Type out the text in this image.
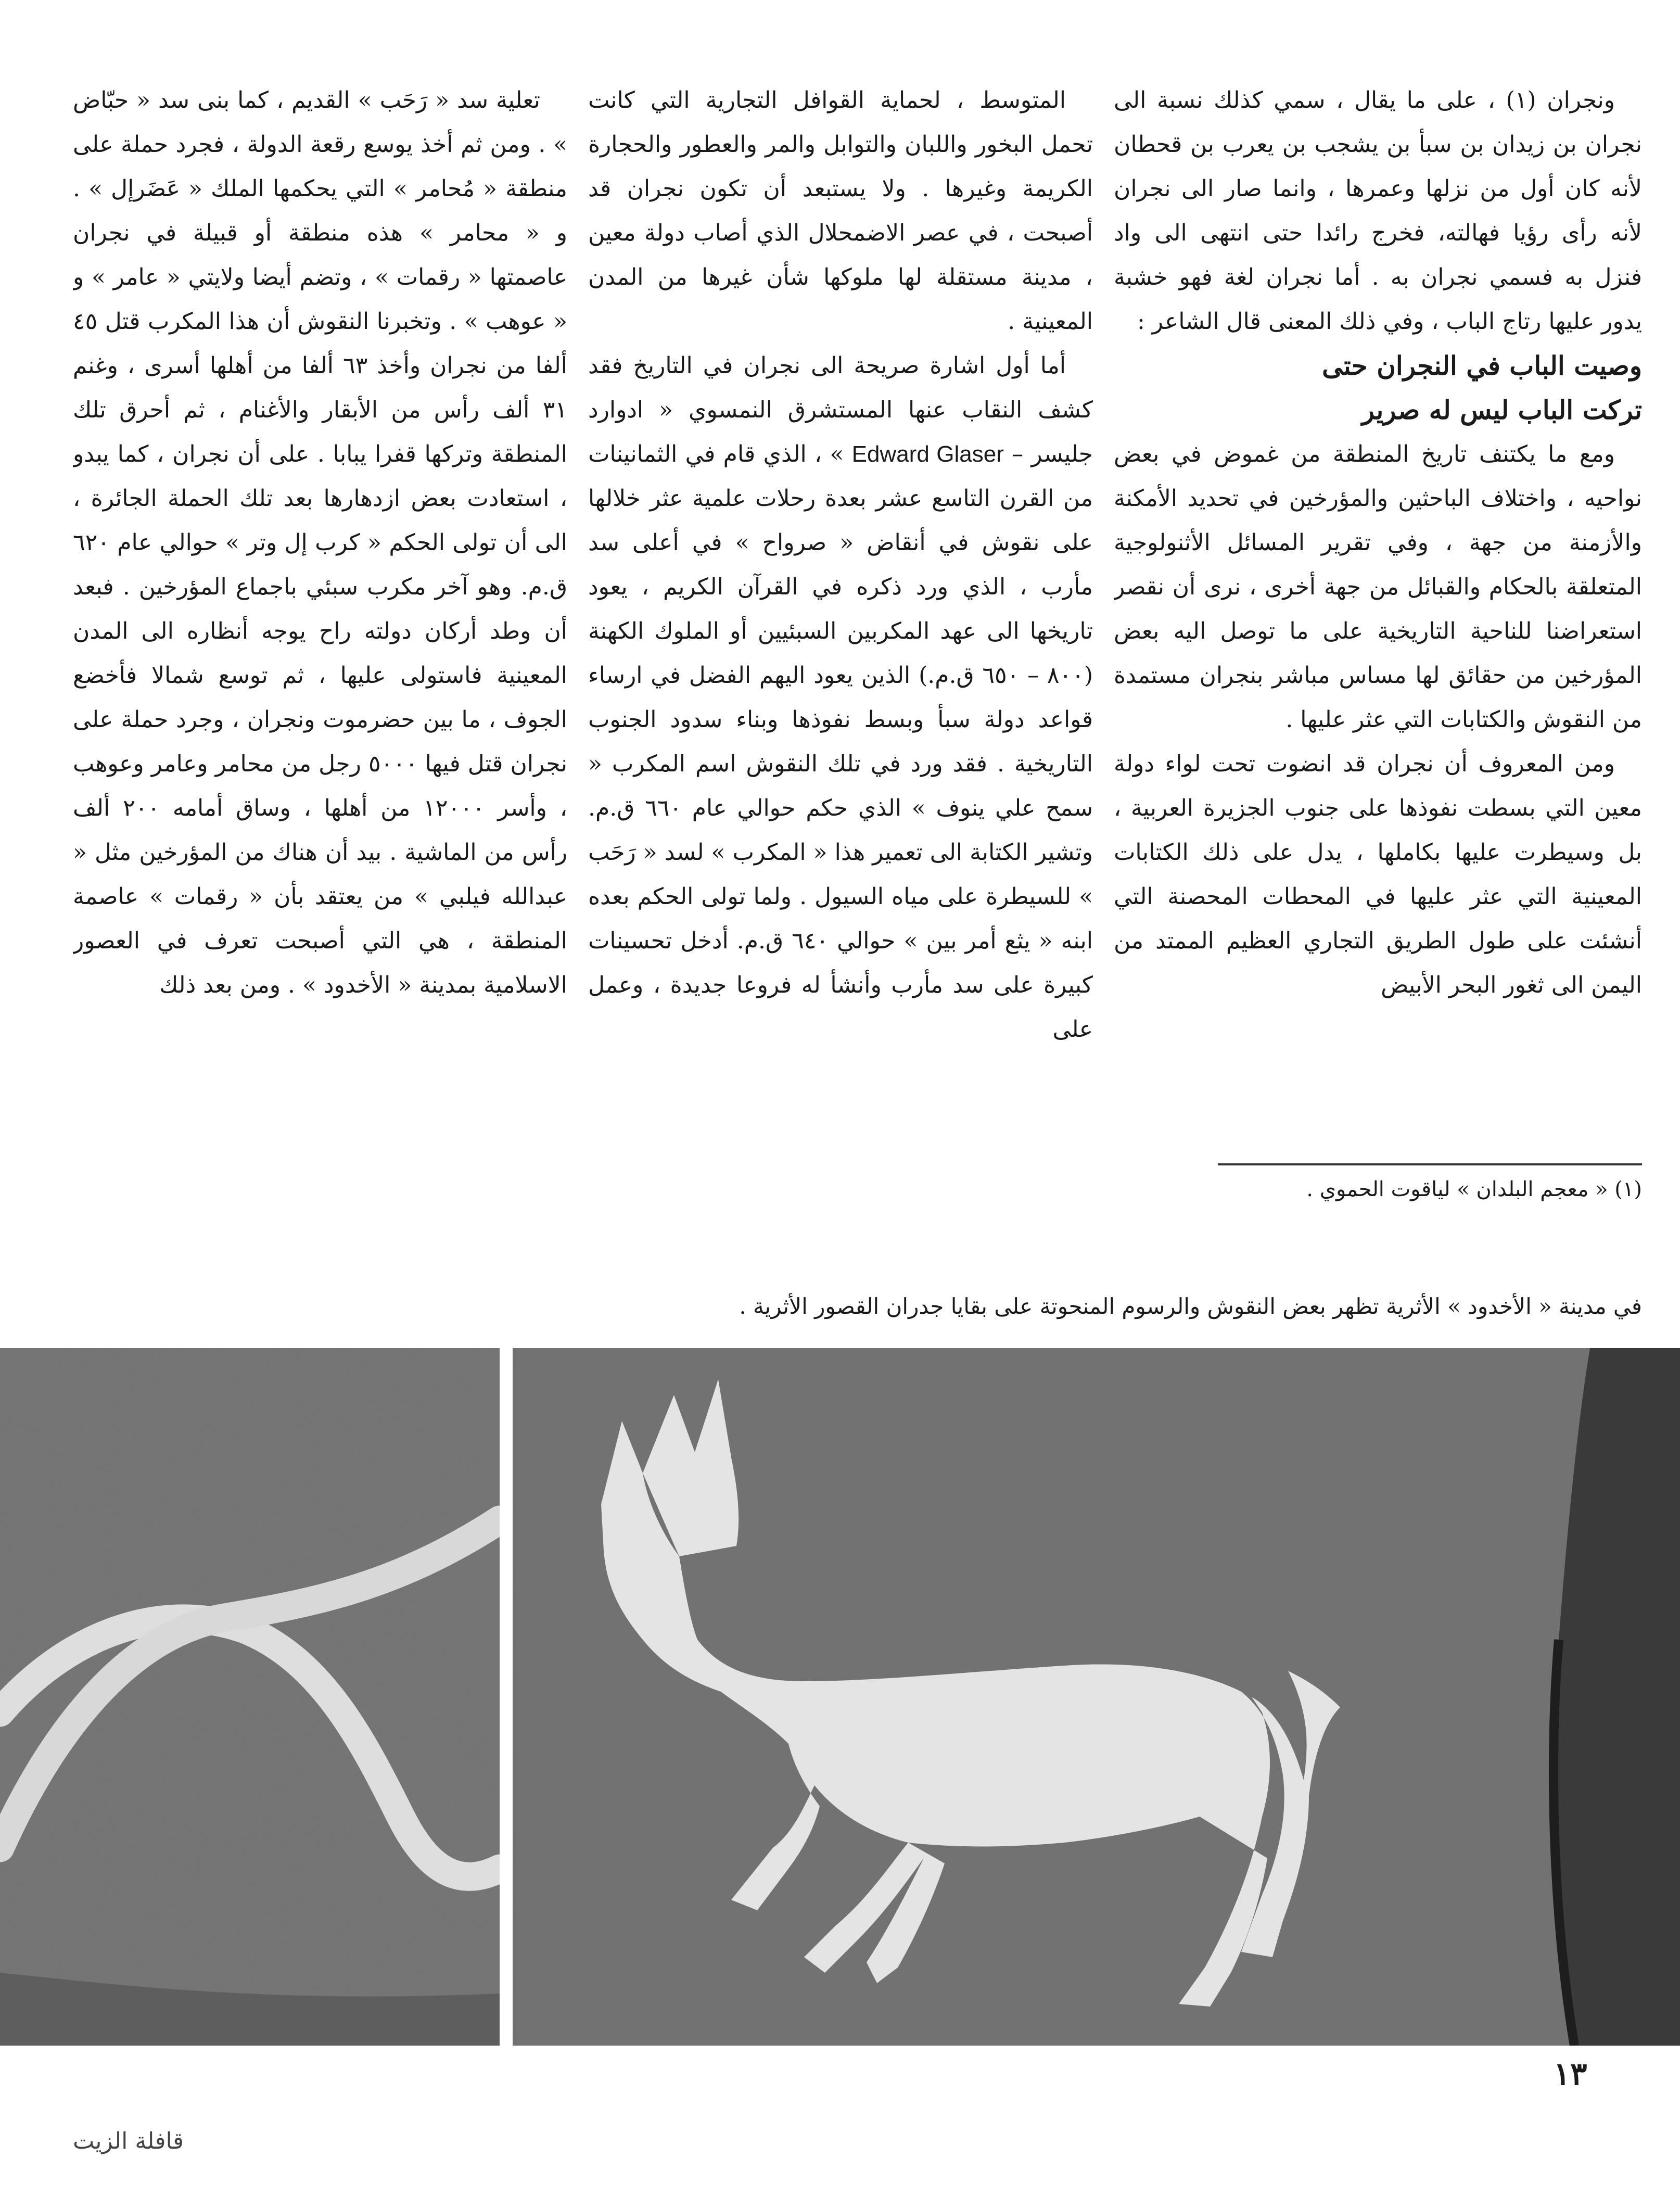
ونجران (١) ، على ما يقال ، سمي كذلك نسبة الى نجران بن زيدان بن سبأ بن يشجب بن يعرب بن قحطان لأنه كان أول من نزلها وعمرها ، وانما صار الى نجران لأنه رأى رؤيا فهالته، فخرج رائدا حتى انتهى الى واد فنزل به فسمي نجران به . أما نجران لغة فهو خشبة يدور عليها رتاج الباب ، وفي ذلك المعنى قال الشاعر :

وصيت الباب في النجران حتى

تركت الباب ليس له صرير

ومع ما يكتنف تاريخ المنطقة من غموض في بعض نواحيه ، واختلاف الباحثين والمؤرخين في تحديد الأمكنة والأزمنة من جهة ، وفي تقرير المسائل الأثنولوجية المتعلقة بالحكام والقبائل من جهة أخرى ، نرى أن نقصر استعراضنا للناحية التاريخية على ما توصل اليه بعض المؤرخين من حقائق لها مساس مباشر بنجران مستمدة من النقوش والكتابات التي عثر عليها .

ومن المعروف أن نجران قد انضوت تحت لواء دولة معين التي بسطت نفوذها على جنوب الجزيرة العربية ، بل وسيطرت عليها بكاملها ، يدل على ذلك الكتابات المعينية التي عثر عليها في المحطات المحصنة التي أنشئت على طول الطريق التجاري العظيم الممتد من اليمن الى ثغور البحر الأبيض

المتوسط ، لحماية القوافل التجارية التي كانت تحمل البخور واللبان والتوابل والمر والعطور والحجارة الكريمة وغيرها . ولا يستبعد أن تكون نجران قد أصبحت ، في عصر الاضمحلال الذي أصاب دولة معين ، مدينة مستقلة لها ملوكها شأن غيرها من المدن المعينية .

أما أول اشارة صريحة الى نجران في التاريخ فقد كشف النقاب عنها المستشرق النمسوي « ادوارد جليسر – Edward Glaser » ، الذي قام في الثمانينات من القرن التاسع عشر بعدة رحلات علمية عثر خلالها على نقوش في أنقاض « صرواح » في أعلى سد مأرب ، الذي ورد ذكره في القرآن الكريم ، يعود تاريخها الى عهد المكربين السبئيين أو الملوك الكهنة (٨٠٠ – ٦٥٠ ق.م.) الذين يعود اليهم الفضل في ارساء قواعد دولة سبأ وبسط نفوذها وبناء سدود الجنوب التاريخية . فقد ورد في تلك النقوش اسم المكرب « سمح علي ينوف » الذي حكم حوالي عام ٦٦٠ ق.م. وتشير الكتابة الى تعمير هذا « المكرب » لسد « رَحَب » للسيطرة على مياه السيول . ولما تولى الحكم بعده ابنه « يثع أمر بين » حوالي ٦٤٠ ق.م. أدخل تحسينات كبيرة على سد مأرب وأنشأ له فروعا جديدة ، وعمل على

تعلية سد « رَحَب » القديم ، كما بنى سد « حبّاض » . ومن ثم أخذ يوسع رقعة الدولة ، فجرد حملة على منطقة « مُحامر » التي يحكمها الملك « عَضَرإل » . و « محامر » هذه منطقة أو قبيلة في نجران عاصمتها « رقمات » ، وتضم أيضا ولايتي « عامر » و « عوهب » . وتخبرنا النقوش أن هذا المكرب قتل ٤٥ ألفا من نجران وأخذ ٦٣ ألفا من أهلها أسرى ، وغنم ٣١ ألف رأس من الأبقار والأغنام ، ثم أحرق تلك المنطقة وتركها قفرا يبابا . على أن نجران ، كما يبدو ، استعادت بعض ازدهارها بعد تلك الحملة الجائرة ، الى أن تولى الحكم « كرب إل وتر » حوالي عام ٦٢٠ ق.م. وهو آخر مكرب سبئي باجماع المؤرخين . فبعد أن وطد أركان دولته راح يوجه أنظاره الى المدن المعينية فاستولى عليها ، ثم توسع شمالا فأخضع الجوف ، ما بين حضرموت ونجران ، وجرد حملة على نجران قتل فيها ٥٠٠٠ رجل من محامر وعامر وعوهب ، وأسر ١٢٠٠٠ من أهلها ، وساق أمامه ٢٠٠ ألف رأس من الماشية . بيد أن هناك من المؤرخين مثل « عبدالله فيلبي » من يعتقد بأن « رقمات » عاصمة المنطقة ، هي التي أصبحت تعرف في العصور الاسلامية بمدينة « الأخدود » . ومن بعد ذلك

(١) « معجم البلدان » لياقوت الحموي .
في مدينة « الأخدود » الأثرية تظهر بعض النقوش والرسوم المنحوتة على بقايا جدران القصور الأثرية .
١٣
قافلة الزيت
